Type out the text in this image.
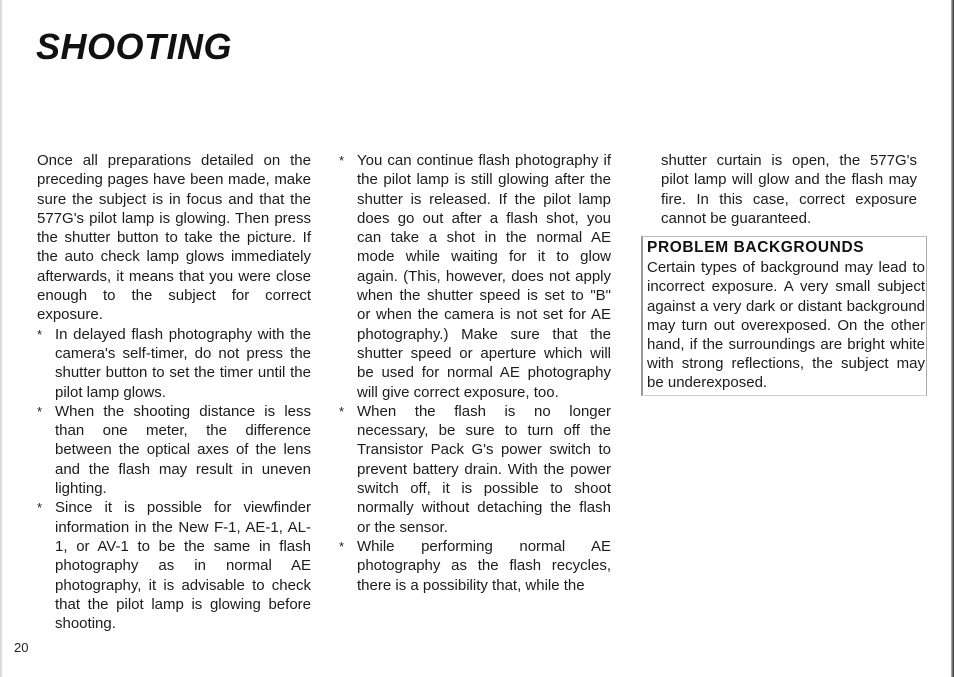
SHOOTING

Once all preparations detailed on the preceding pages have been made, make sure the subject is in focus and that the 577G's pilot lamp is glowing. Then press the shutter button to take the picture. If the auto check lamp glows immediately afterwards, it means that you were close enough to the subject for correct exposure.

* In delayed flash photography with the camera's self-timer, do not press the shutter button to set the timer until the pilot lamp glows.

* When the shooting distance is less than one meter, the difference between the optical axes of the lens and the flash may result in uneven lighting.

* Since it is possible for viewfinder information in the New F-1, AE-1, AL-1, or AV-1 to be the same in flash photography as in normal AE photography, it is advisable to check that the pilot lamp is glowing before shooting.

* You can continue flash photography if the pilot lamp is still glowing after the shutter is released. If the pilot lamp does go out after a flash shot, you can take a shot in the normal AE mode while waiting for it to glow again. (This, however, does not apply when the shutter speed is set to "B" or when the camera is not set for AE photography.) Make sure that the shutter speed or aperture which will be used for normal AE photography will give correct exposure, too.

* When the flash is no longer necessary, be sure to turn off the Transistor Pack G's power switch to prevent battery drain. With the power switch off, it is possible to shoot normally without detaching the flash or the sensor.

* While performing normal AE photography as the flash recycles, there is a possibility that, while the

shutter curtain is open, the 577G's pilot lamp will glow and the flash may fire. In this case, correct exposure cannot be guaranteed.

PROBLEM BACKGROUNDS

Certain types of background may lead to incorrect exposure. A very small subject against a very dark or distant background may turn out overexposed. On the other hand, if the surroundings are bright white with strong reflections, the subject may be underexposed.

20
